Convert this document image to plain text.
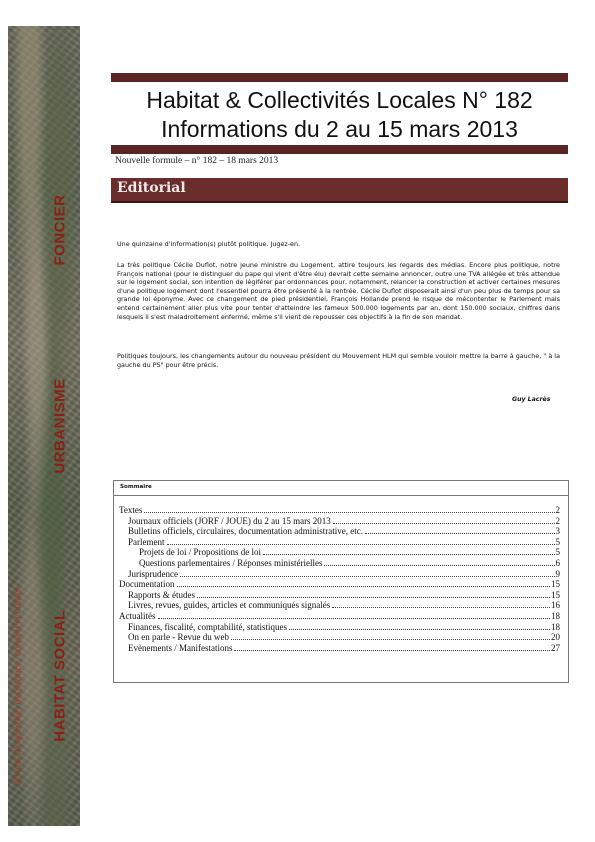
FONCIER
URBANISME
HABITAT SOCIAL
20 ans d'expertise, assistance, conseil et études
Habitat & Collectivités Locales N° 182
Informations du 2 au 15 mars 2013
Nouvelle formule – n° 182 – 18 mars 2013
Editorial
Une quinzaine d'information(s) plutôt politique. Jugez-en.
La très politique Cécile Duflot, notre jeune ministre du Logement, attire toujours les regards des médias. Encore plus politique, notre François national (pour le distinguer du pape qui vient d'être élu) devrait cette semaine annoncer, outre une TVA allégée et très attendue sur le logement social, son intention de légiférer par ordonnances pour, notamment, relancer la construction et activer certaines mesures d'une politique logement dont l'essentiel pourra être présenté à la rentrée. Cécile Duflot disposerait ainsi d'un peu plus de temps pour sa grande loi éponyme. Avec ce changement de pied présidentiel, François Hollande prend le risque de mécontenter le Parlement mais entend certainement aller plus vite pour tenter d'atteindre les fameux 500.000 logements par an, dont 150.000 sociaux, chiffres dans lesquels il s'est maladroitement enfermé, même s'il vient de repousser ces objectifs à la fin de son mandat.
Politiques toujours, les changements autour du nouveau président du Mouvement HLM qui semble vouloir mettre la barre à gauche, " à la gauche du PS" pour être précis.
Guy Lacrès
Sommaire
Textes	2
Journaux officiels (JORF / JOUE) du 2 au 15 mars 2013	2
Bulletins officiels, circulaires, documentation administrative, etc.	3
Parlement	5
Projets de loi / Propositions de loi	5
Questions parlementaires / Réponses ministérielles	6
Jurisprudence	9
Documentation	15
Rapports & études	15
Livres, revues, guides, articles et communiqués signalés	16
Actualités	18
Finances, fiscalité, comptabilité, statistiques	18
On en parle - Revue du web	20
Evènements / Manifestations	27
